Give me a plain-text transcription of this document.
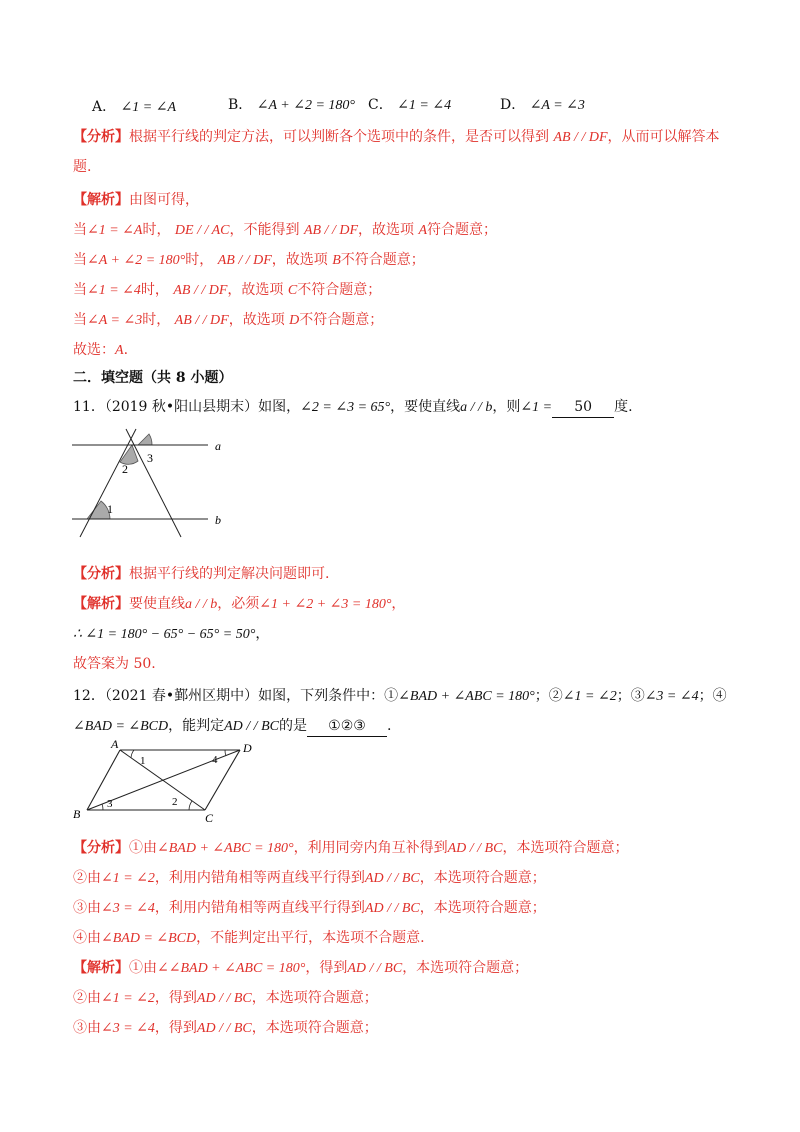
A． ∠1 = ∠A	B． ∠A + ∠2 = 180° C． ∠1 = ∠4	D． ∠A = ∠3
【分析】根据平行线的判定方法，可以判断各个选项中的条件，是否可以得到 AB / / DF，从而可以解答本
题.
【解析】由图可得，
当∠1 = ∠A时， DE / / AC，不能得到 AB / / DF，故选项 A符合题意；
当∠A + ∠2 = 180°时， AB / / DF，故选项 B不符合题意；
当∠1 = ∠4时， AB / / DF，故选项 C不符合题意；
当∠A = ∠3时， AB / / DF，故选项 D不符合题意；
故选：A.
二．填空题（共 8 小题）
11．（2019 秋•阳山县期末）如图，∠2 = ∠3 = 65°，要使直线a / / b，则∠1 = 50 度.
a
b
1
2
3
【分析】根据平行线的判定解决问题即可.
【解析】要使直线a / / b，必须∠1 + ∠2 + ∠3 = 180°，
∴ ∠1 = 180° − 65° − 65° = 50°，
故答案为 50.
12．（2021 春•鄞州区期中）如图，下列条件中：①∠BAD + ∠ABC = 180°；②∠1 = ∠2；③∠3 = ∠4；④
∠BAD = ∠BCD，能判定AD / / BC的是 ①②③ .
A	D
B	C
1	4
3	2
【分析】①由∠BAD + ∠ABC = 180°，利用同旁内角互补得到AD / / BC，本选项符合题意；
②由∠1 = ∠2，利用内错角相等两直线平行得到AD / / BC，本选项符合题意；
③由∠3 = ∠4，利用内错角相等两直线平行得到AD / / BC，本选项符合题意；
④由∠BAD = ∠BCD，不能判定出平行，本选项不合题意.
【解析】①由∠∠BAD + ∠ABC = 180°，得到AD / / BC，本选项符合题意；
②由∠1 = ∠2，得到AD / / BC，本选项符合题意；
③由∠3 = ∠4，得到AD / / BC，本选项符合题意；
